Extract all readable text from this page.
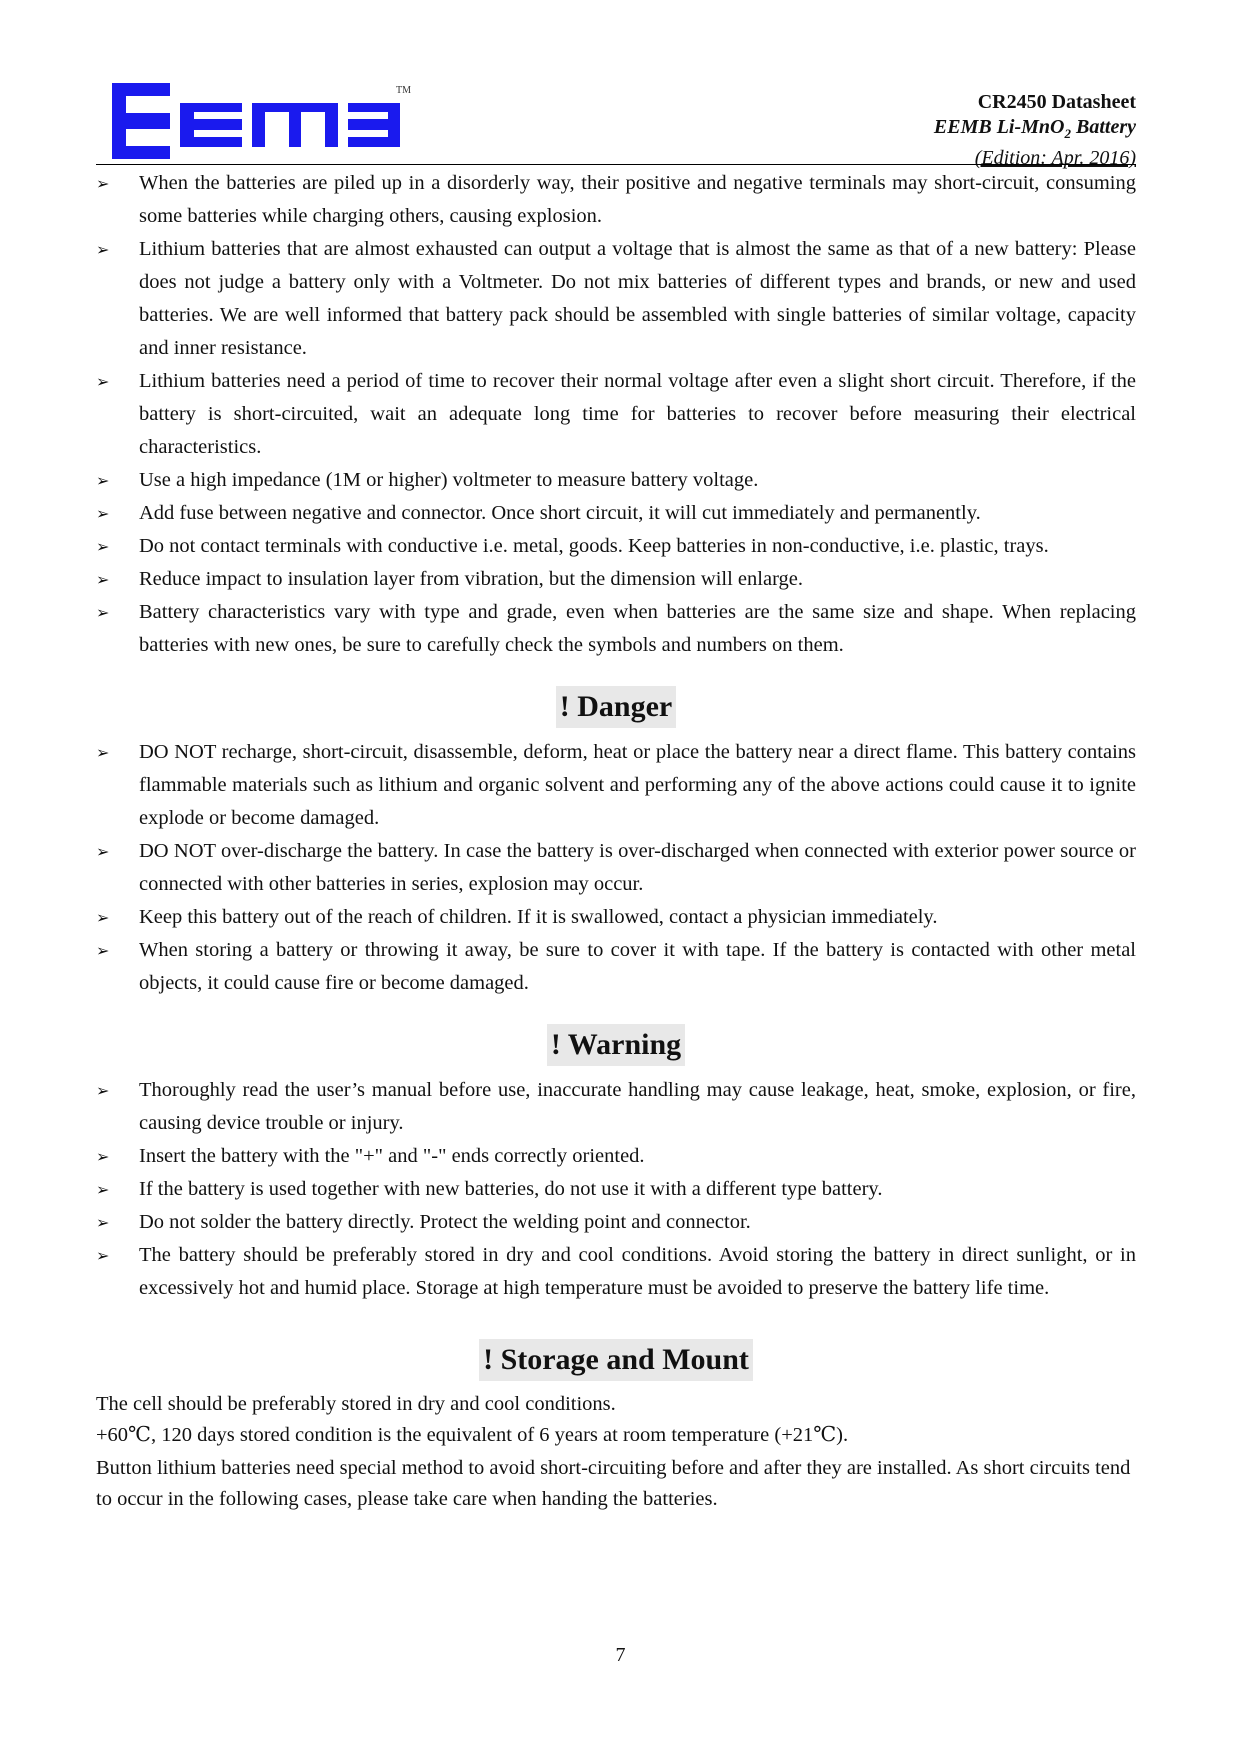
TM
CR2450 Datasheet
EEMB Li-MnO$_2$ Battery
(Edition: Apr. 2016)
➢	When the batteries are piled up in a disorderly way, their positive and negative terminals may short-circuit, consuming some batteries while charging others, causing explosion.
➢	Lithium batteries that are almost exhausted can output a voltage that is almost the same as that of a new battery: Please does not judge a battery only with a Voltmeter. Do not mix batteries of different types and brands, or new and used batteries. We are well informed that battery pack should be assembled with single batteries of similar voltage, capacity and inner resistance.
➢	Lithium batteries need a period of time to recover their normal voltage after even a slight short circuit. Therefore, if the battery is short-circuited, wait an adequate long time for batteries to recover before measuring their electrical characteristics.
➢	Use a high impedance (1M or higher) voltmeter to measure battery voltage.
➢	Add fuse between negative and connector. Once short circuit, it will cut immediately and permanently.
➢	Do not contact terminals with conductive i.e. metal, goods. Keep batteries in non-conductive, i.e. plastic, trays.
➢	Reduce impact to insulation layer from vibration, but the dimension will enlarge.
➢	Battery characteristics vary with type and grade, even when batteries are the same size and shape. When replacing batteries with new ones, be sure to carefully check the symbols and numbers on them.
! Danger
➢	DO NOT recharge, short-circuit, disassemble, deform, heat or place the battery near a direct flame. This battery contains flammable materials such as lithium and organic solvent and performing any of the above actions could cause it to ignite explode or become damaged.
➢	DO NOT over-discharge the battery. In case the battery is over-discharged when connected with exterior power source or connected with other batteries in series, explosion may occur.
➢	Keep this battery out of the reach of children. If it is swallowed, contact a physician immediately.
➢	When storing a battery or throwing it away, be sure to cover it with tape. If the battery is contacted with other metal objects, it could cause fire or become damaged.
! Warning
➢	Thoroughly read the user’s manual before use, inaccurate handling may cause leakage, heat, smoke, explosion, or fire, causing device trouble or injury.
➢	Insert the battery with the "+" and "-" ends correctly oriented.
➢	If the battery is used together with new batteries, do not use it with a different type battery.
➢	Do not solder the battery directly. Protect the welding point and connector.
➢	The battery should be preferably stored in dry and cool conditions. Avoid storing the battery in direct sunlight, or in excessively hot and humid place. Storage at high temperature must be avoided to preserve the battery life time.
! Storage and Mount

The cell should be preferably stored in dry and cool conditions.

+60℃, 120 days stored condition is the equivalent of 6 years at room temperature (+21℃).

Button lithium batteries need special method to avoid short-circuiting before and after they are installed. As short circuits tend to occur in the following cases, please take care when handing the batteries.

7
